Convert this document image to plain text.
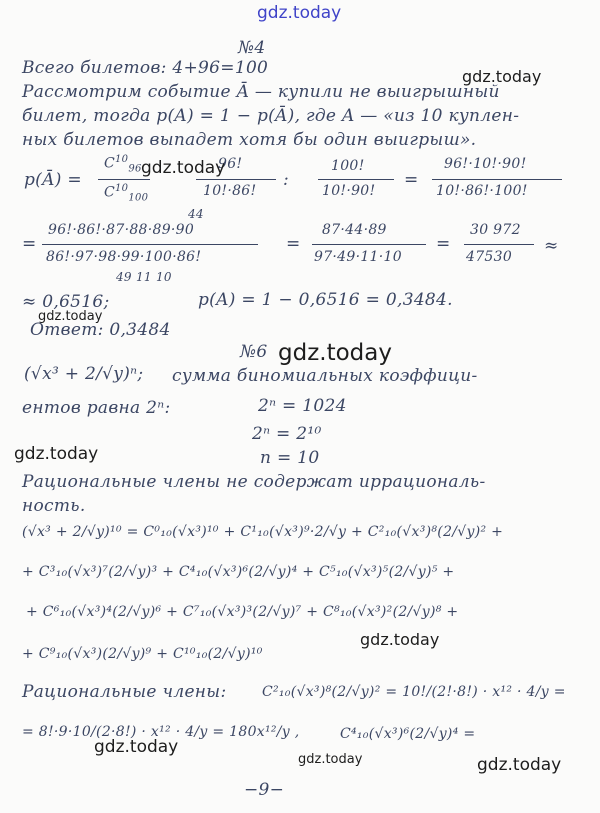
gdz.today
№4
Всего билетов: 4+96=100
Рассмотрим событие Ā — купили не выигрышный
билет, тогда p(A) = 1 − p(Ā), где A — «из 10 куплен-
ных билетов выпадет хотя бы один выигрыш».
p(Ā) =
$C^{10}_{96}$
$C^{10}_{100}$
96!
10!·86!
:
100!
10!·90!
=
96!·10!·90!
10!·86!·100!
44
=
96!·86!·87·88·89·90
86!·97·98·99·100·86!
49 11 10
=
87·44·89
97·49·11·10
=
30 972
47530
≈
≈ 0,6516;	p(A) = 1 − 0,6516 = 0,3484.
Ответ: 0,3484
№6
(√x³ + 2/√y)ⁿ; сумма биномиальных коэффици-
ентов равна 2ⁿ:	2ⁿ = 1024
2ⁿ = 2¹⁰
n = 10
Рациональные члены не содержат иррациональ-
ность.
(√x³ + 2/√y)¹⁰ = C⁰₁₀(√x³)¹⁰ + C¹₁₀(√x³)⁹·2/√y + C²₁₀(√x³)⁸(2/√y)² +
+ C³₁₀(√x³)⁷(2/√y)³ + C⁴₁₀(√x³)⁶(2/√y)⁴ + C⁵₁₀(√x³)⁵(2/√y)⁵ +
+ C⁶₁₀(√x³)⁴(2/√y)⁶ + C⁷₁₀(√x³)³(2/√y)⁷ + C⁸₁₀(√x³)²(2/√y)⁸ +
+ C⁹₁₀(√x³)(2/√y)⁹ + C¹⁰₁₀(2/√y)¹⁰
Рациональные члены:	C²₁₀(√x³)⁸(2/√y)² = 10!/(2!·8!) · x¹² · 4/y =
= 8!·9·10/(2·8!) · x¹² · 4/y = 180x¹²/y ,	C⁴₁₀(√x³)⁶(2/√y)⁴ =
−9−
gdz.today
gdz.today
gdz.today
gdz.today
gdz.today
gdz.today
gdz.today
gdz.today	gdz.today
